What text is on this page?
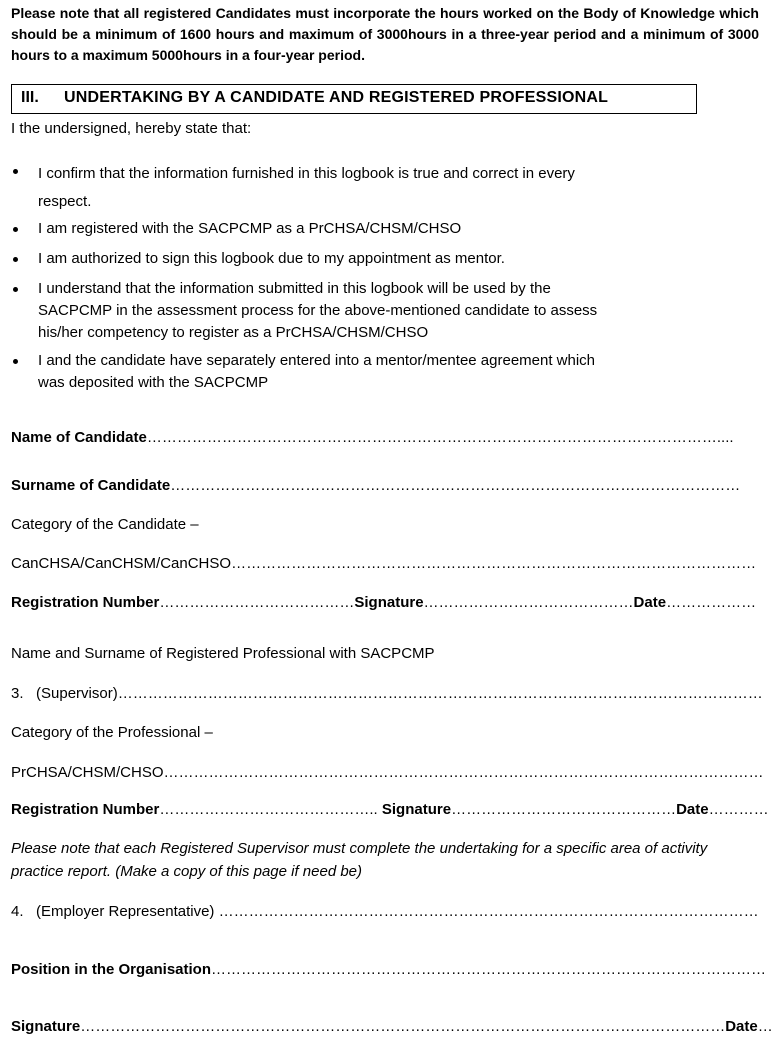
Please note that all registered Candidates must incorporate the hours worked on the Body of Knowledge which should be a minimum of 1600 hours and maximum of 3000hours in a three-year period and a minimum of 3000 hours to a maximum 5000hours in a four-year period.
III. UNDERTAKING BY A CANDIDATE AND REGISTERED PROFESSIONAL
I the undersigned, hereby state that:
I confirm that the information furnished in this logbook is true and correct in every
respect.
I am registered with the SACPCMP as a PrCHSA/CHSM/CHSO
I am authorized to sign this logbook due to my appointment as mentor.
I understand that the information submitted in this logbook will be used by the
SACPCMP in the assessment process for the above-mentioned candidate to assess
his/her competency to register as a PrCHSA/CHSM/CHSO
I and the candidate have separately entered into a mentor/mentee agreement which
was deposited with the SACPCMP
Name of Candidate……………………………………………………………………………………………………....
Surname of Candidate……………………………………………………………………………………………………
Category of the Candidate –
CanCHSA/CanCHSM/CanCHSO……………………………………………………………………………………………
Registration Number…………………………………Signature……………………………………Date………………
Name and Surname of Registered Professional with SACPCMP
3.   (Supervisor)…………………………………………………………………………………………………………………
Category of the Professional –
PrCHSA/CHSM/CHSO…………………………………………………………………………………………………………
Registration Number…………………………………….. Signature………………………………………Date…………
Please note that each Registered Supervisor must complete the undertaking for a specific area of activity practice report. (Make a copy of this page if need be)
4.   (Employer Representative) ………………………………………………………………………………………………
Position in the Organisation…………………………………………………………………………………………………
Signature…………………………………………………………………………………………………………………Date…
